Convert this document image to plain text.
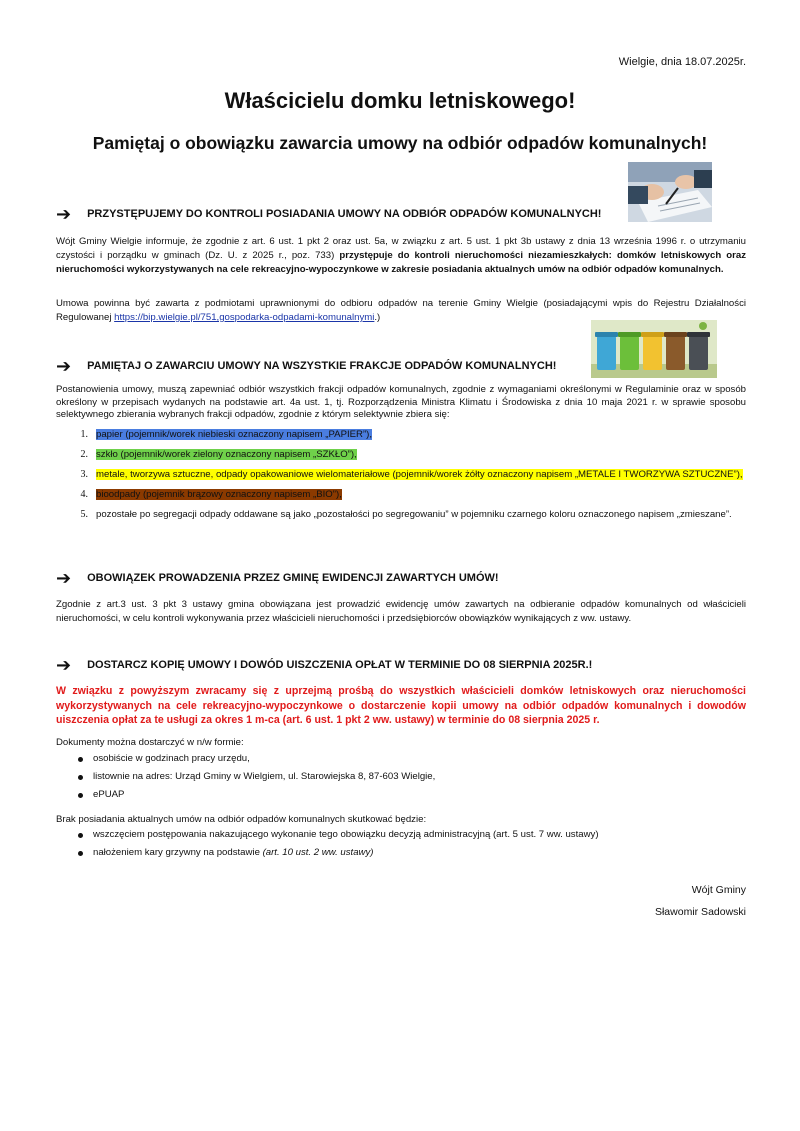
Wielgie, dnia 18.07.2025r.
Właścicielu domku letniskowego!
Pamiętaj o obowiązku zawarcia umowy na odbiór odpadów komunalnych!
➔ PRZYSTĘPUJEMY DO KONTROLI POSIADANIA UMOWY NA ODBIÓR ODPADÓW KOMUNALNYCH!
Wójt Gminy Wielgie informuje, że zgodnie z art. 6 ust. 1 pkt 2 oraz ust. 5a, w związku z art. 5 ust. 1 pkt 3b ustawy z dnia 13 września 1996 r. o utrzymaniu czystości i porządku w gminach (Dz. U. z 2025 r., poz. 733) przystępuje do kontroli nieruchomości niezamieszkałych: domków letniskowych oraz nieruchomości wykorzystywanych na cele rekreacyjno-wypoczynkowe w zakresie posiadania aktualnych umów na odbiór odpadów komunalnych.
Umowa powinna być zawarta z podmiotami uprawnionymi do odbioru odpadów na terenie Gminy Wielgie (posiadającymi wpis do Rejestru Działalności Regulowanej https://bip.wielgie.pl/751,gospodarka-odpadami-komunalnymi.)
➔ PAMIĘTAJ O ZAWARCIU UMOWY NA WSZYSTKIE FRAKCJE ODPADÓW KOMUNALNYCH!
Postanowienia umowy, muszą zapewniać odbiór wszystkich frakcji odpadów komunalnych, zgodnie z wymaganiami określonymi w Regulaminie oraz w sposób określony w przepisach wydanych na podstawie art. 4a ust. 1, tj. Rozporządzenia Ministra Klimatu i Środowiska z dnia 10 maja 2021 r. w sprawie sposobu selektywnego zbierania wybranych frakcji odpadów, zgodnie z którym selektywnie zbiera się:
1. papier (pojemnik/worek niebieski oznaczony napisem „PAPIER”),
2. szkło (pojemnik/worek zielony oznaczony napisem „SZKŁO”),
3. metale, tworzywa sztuczne, odpady opakowaniowe wielomateriałowe (pojemnik/worek żółty oznaczony napisem „METALE I TWORZYWA SZTUCZNE”),
4. bioodpady (pojemnik brązowy oznaczony napisem „BIO”),
5. pozostałe po segregacji odpady oddawane są jako „pozostałości po segregowaniu” w pojemniku czarnego koloru oznaczonego napisem „zmieszane”.
➔ OBOWIĄZEK PROWADZENIA PRZEZ GMINĘ EWIDENCJI ZAWARTYCH UMÓW!
Zgodnie z art.3 ust. 3 pkt 3 ustawy gmina obowiązana jest prowadzić ewidencję umów zawartych na odbieranie odpadów komunalnych od właścicieli nieruchomości, w celu kontroli wykonywania przez właścicieli nieruchomości i przedsiębiorców obowiązków wynikających z ww. ustawy.
➔ DOSTARCZ KOPIĘ UMOWY I DOWÓD UISZCZENIA OPŁAT W TERMINIE DO 08 SIERPNIA 2025R.!
W związku z powyższym zwracamy się z uprzejmą prośbą do wszystkich właścicieli domków letniskowych oraz nieruchomości wykorzystywanych na cele rekreacyjno-wypoczynkowe o dostarczenie kopii umowy na odbiór odpadów komunalnych i dowodów uiszczenia opłat za te usługi za okres 1 m-ca (art. 6 ust. 1 pkt 2 ww. ustawy) w terminie do 08 sierpnia 2025 r.
Dokumenty można dostarczyć w n/w formie:
osobiście w godzinach pracy urzędu,
listownie na adres: Urząd Gminy w Wielgiem, ul. Starowiejska 8, 87-603 Wielgie,
ePUAP
Brak posiadania aktualnych umów na odbiór odpadów komunalnych skutkować będzie:
wszczęciem postępowania nakazującego wykonanie tego obowiązku decyzją administracyjną (art. 5 ust. 7 ww. ustawy)
nałożeniem kary grzywny na podstawie (art. 10 ust. 2 ww. ustawy)
Wójt Gminy
Sławomir Sadowski
